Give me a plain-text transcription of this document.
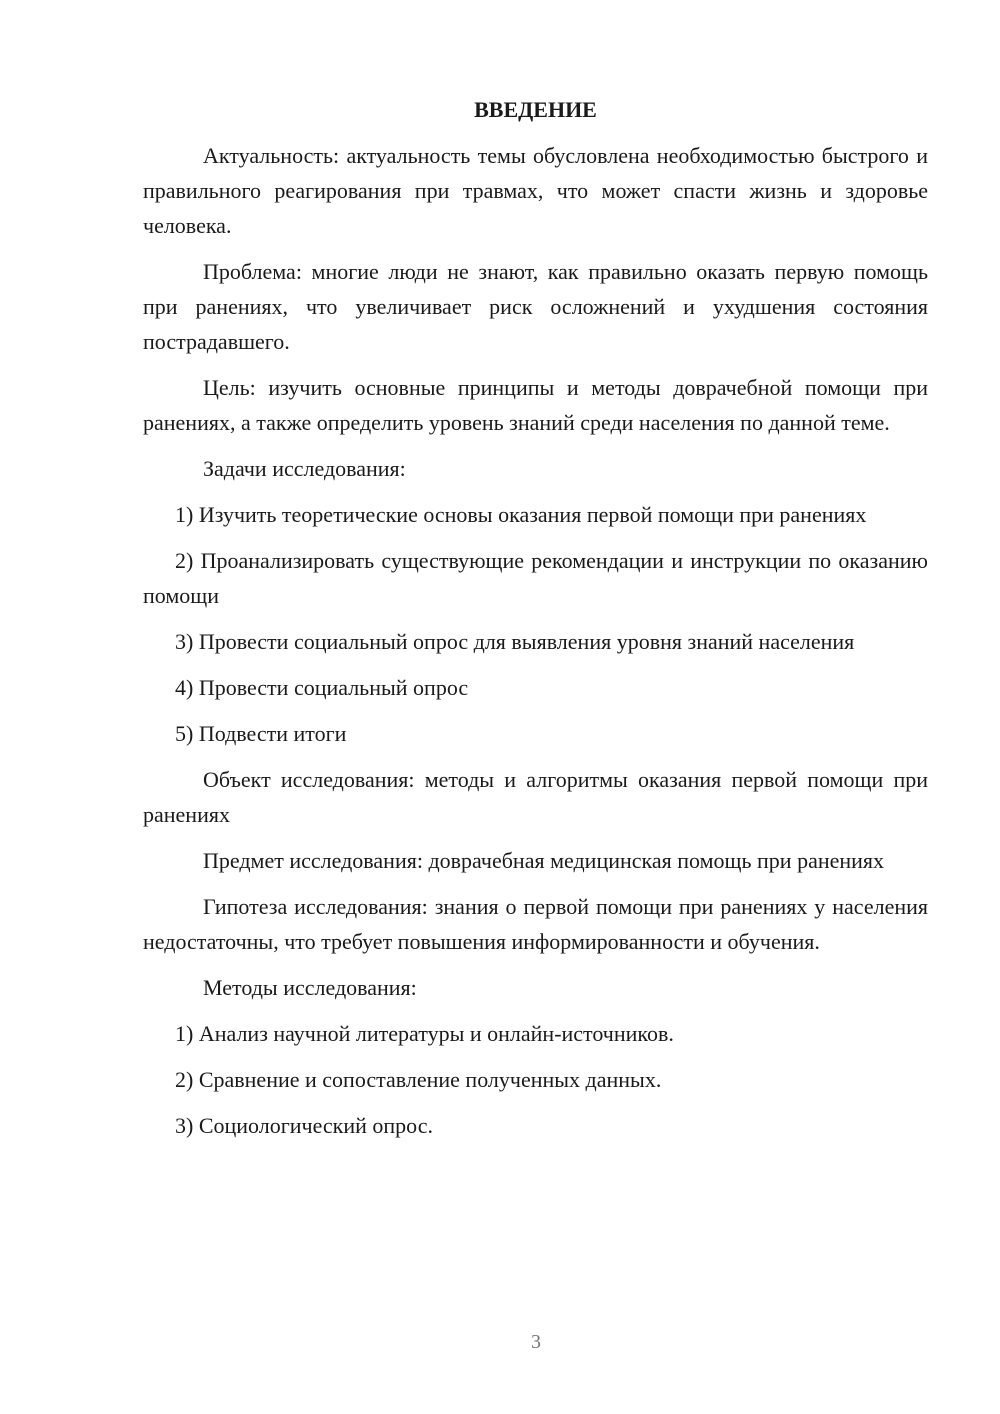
ВВЕДЕНИЕ

Актуальность: актуальность темы обусловлена необходимостью быстрого и правильного реагирования при травмах, что может спасти жизнь и здоровье человека.

Проблема: многие люди не знают, как правильно оказать первую помощь при ранениях, что увеличивает риск осложнений и ухудшения состояния пострадавшего.

Цель: изучить основные принципы и методы доврачебной помощи при ранениях, а также определить уровень знаний среди населения по данной теме.

Задачи исследования:

1) Изучить теоретические основы оказания первой помощи при ранениях

2) Проанализировать существующие рекомендации и инструкции по оказанию помощи

3) Провести социальный опрос для выявления уровня знаний населения

4) Провести социальный опрос

5) Подвести итоги

Объект исследования: методы и алгоритмы оказания первой помощи при ранениях

Предмет исследования: доврачебная медицинская помощь при ранениях

Гипотеза исследования: знания о первой помощи при ранениях у населения недостаточны, что требует повышения информированности и обучения.

Методы исследования:

1) Анализ научной литературы и онлайн-источников.

2) Сравнение и сопоставление полученных данных.

3) Социологический опрос.

3
